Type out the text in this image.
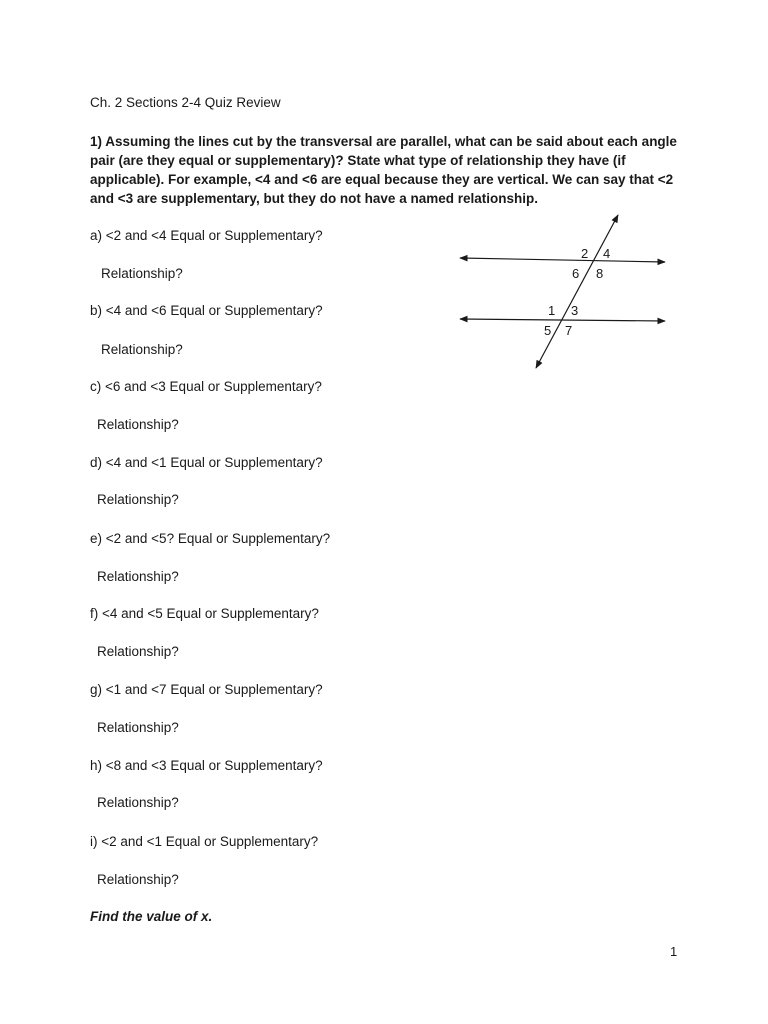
Ch. 2 Sections 2-4 Quiz Review
1) Assuming the lines cut by the transversal are parallel, what can be said about each angle
pair (are they equal or supplementary)? State what type of relationship they have (if
applicable). For example, <4 and <6 are equal because they are vertical. We can say that <2
and <3 are supplementary, but they do not have a named relationship.
2 4
6 8
1 3
5 7
a) <2 and <4 Equal or Supplementary?
Relationship?
b) <4 and <6 Equal or Supplementary?
Relationship?
c) <6 and <3 Equal or Supplementary?
Relationship?
d) <4 and <1 Equal or Supplementary?
Relationship?
e) <2 and <5? Equal or Supplementary?
Relationship?
f) <4 and <5 Equal or Supplementary?
Relationship?
g) <1 and <7 Equal or Supplementary?
Relationship?
h) <8 and <3 Equal or Supplementary?
Relationship?
i) <2 and <1 Equal or Supplementary?
Relationship?
Find the value of x.
1
